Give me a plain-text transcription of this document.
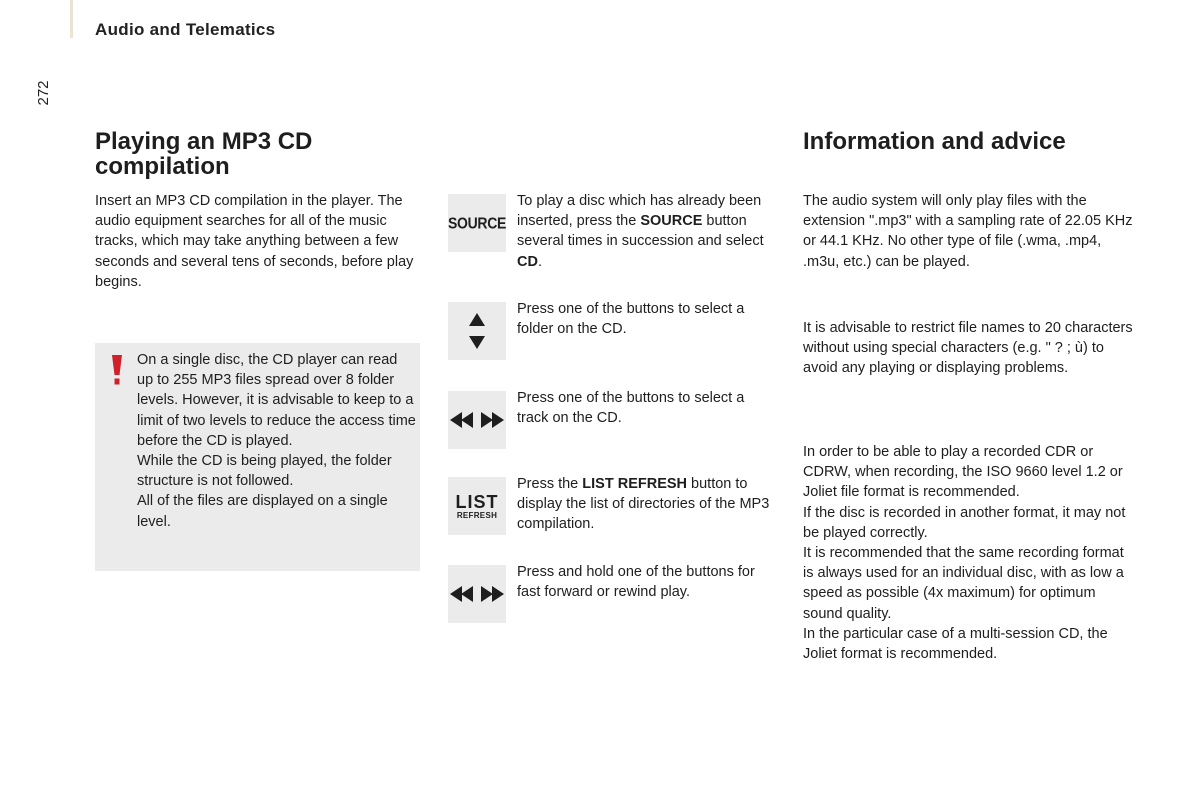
Audio and Telematics
272
Playing an MP3 CD compilation

Insert an MP3 CD compilation in the player. The audio equipment searches for all of the music tracks, which may take anything between a few seconds and several tens of seconds, before play begins.

On a single disc, the CD player can read up to 255 MP3 files spread over 8 folder levels. However, it is advisable to keep to a limit of two levels to reduce the access time before the CD is played.

While the CD is being played, the folder structure is not followed.

All of the files are displayed on a single level.

SOURCE

To play a disc which has already been inserted, press the SOURCE button several times in succession and select CD.

Press one of the buttons to select a folder on the CD.

Press one of the buttons to select a track on the CD.

LIST
REFRESH

Press the LIST REFRESH button to display the list of directories of the MP3 compilation.

Press and hold one of the buttons for fast forward or rewind play.

Information and advice

The audio system will only play files with the extension ".mp3" with a sampling rate of 22.05 KHz or 44.1 KHz. No other type of file (.wma, .mp4, .m3u, etc.) can be played.

It is advisable to restrict file names to 20 characters without using special characters (e.g. " ? ; ù) to avoid any playing or displaying problems.

In order to be able to play a recorded CDR or CDRW, when recording, the ISO 9660 level 1.2 or Joliet file format is recommended.

If the disc is recorded in another format, it may not be played correctly.

It is recommended that the same recording format is always used for an individual disc, with as low a speed as possible (4x maximum) for optimum sound quality.

In the particular case of a multi-session CD, the Joliet format is recommended.
